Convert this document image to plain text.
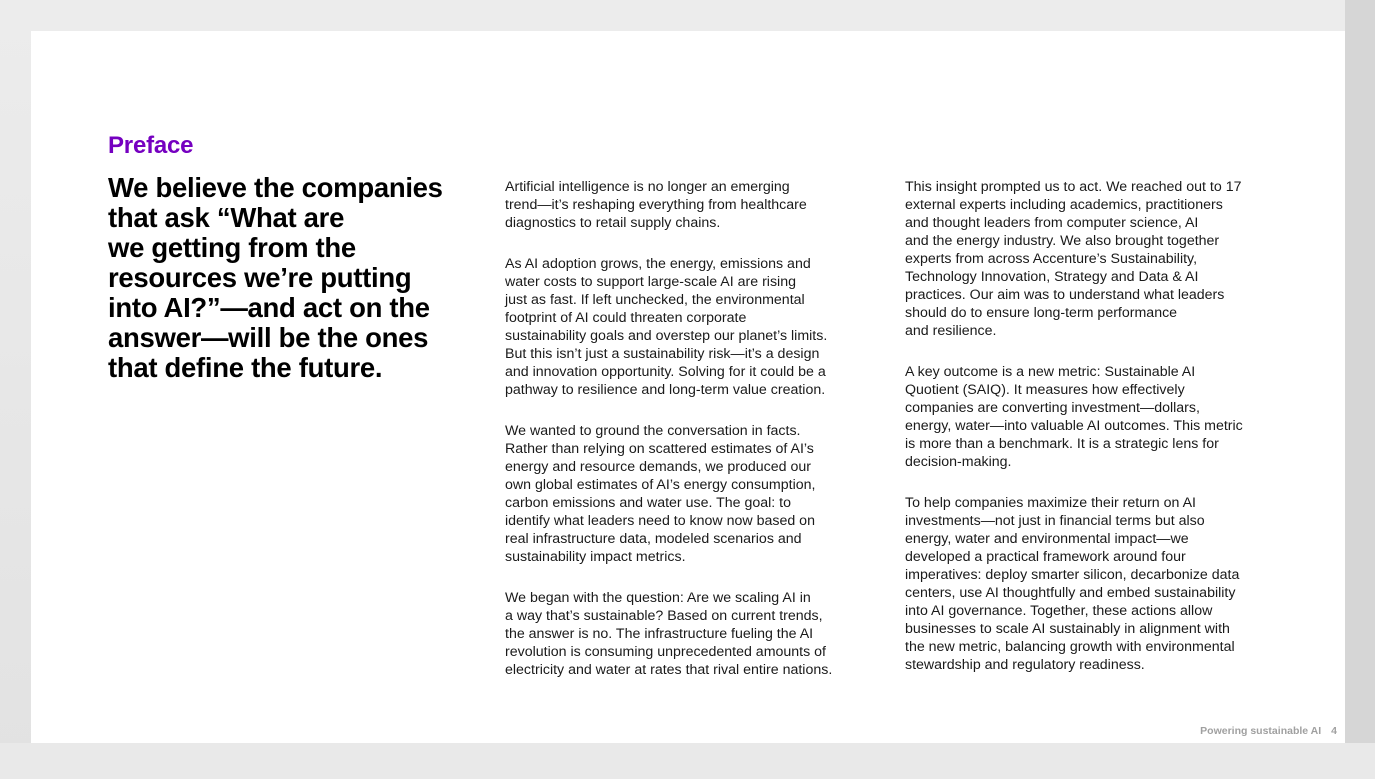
Preface
We believe the companies
that ask “What are
we getting from the
resources we’re putting
into AI?”—and act on the
answer—will be the ones
that define the future.

Artificial intelligence is no longer an emerging
trend—it’s reshaping everything from healthcare
diagnostics to retail supply chains.

As AI adoption grows, the energy, emissions and
water costs to support large-scale AI are rising
just as fast. If left unchecked, the environmental
footprint of AI could threaten corporate
sustainability goals and overstep our planet’s limits.
But this isn’t just a sustainability risk—it’s a design
and innovation opportunity. Solving for it could be a
pathway to resilience and long-term value creation.

We wanted to ground the conversation in facts.
Rather than relying on scattered estimates of AI’s
energy and resource demands, we produced our
own global estimates of AI’s energy consumption,
carbon emissions and water use. The goal: to
identify what leaders need to know now based on
real infrastructure data, modeled scenarios and
sustainability impact metrics.

We began with the question: Are we scaling AI in
a way that’s sustainable? Based on current trends,
the answer is no. The infrastructure fueling the AI
revolution is consuming unprecedented amounts of
electricity and water at rates that rival entire nations.

This insight prompted us to act. We reached out to 17
external experts including academics, practitioners
and thought leaders from computer science, AI
and the energy industry. We also brought together
experts from across Accenture’s Sustainability,
Technology Innovation, Strategy and Data & AI
practices. Our aim was to understand what leaders
should do to ensure long-term performance
and resilience.

A key outcome is a new metric: Sustainable AI
Quotient (SAIQ). It measures how effectively
companies are converting investment—dollars,
energy, water—into valuable AI outcomes. This metric
is more than a benchmark. It is a strategic lens for
decision-making.

To help companies maximize their return on AI
investments—not just in financial terms but also
energy, water and environmental impact—we
developed a practical framework around four
imperatives: deploy smarter silicon, decarbonize data
centers, use AI thoughtfully and embed sustainability
into AI governance. Together, these actions allow
businesses to scale AI sustainably in alignment with
the new metric, balancing growth with environmental
stewardship and regulatory readiness.

Powering sustainable AI 4
